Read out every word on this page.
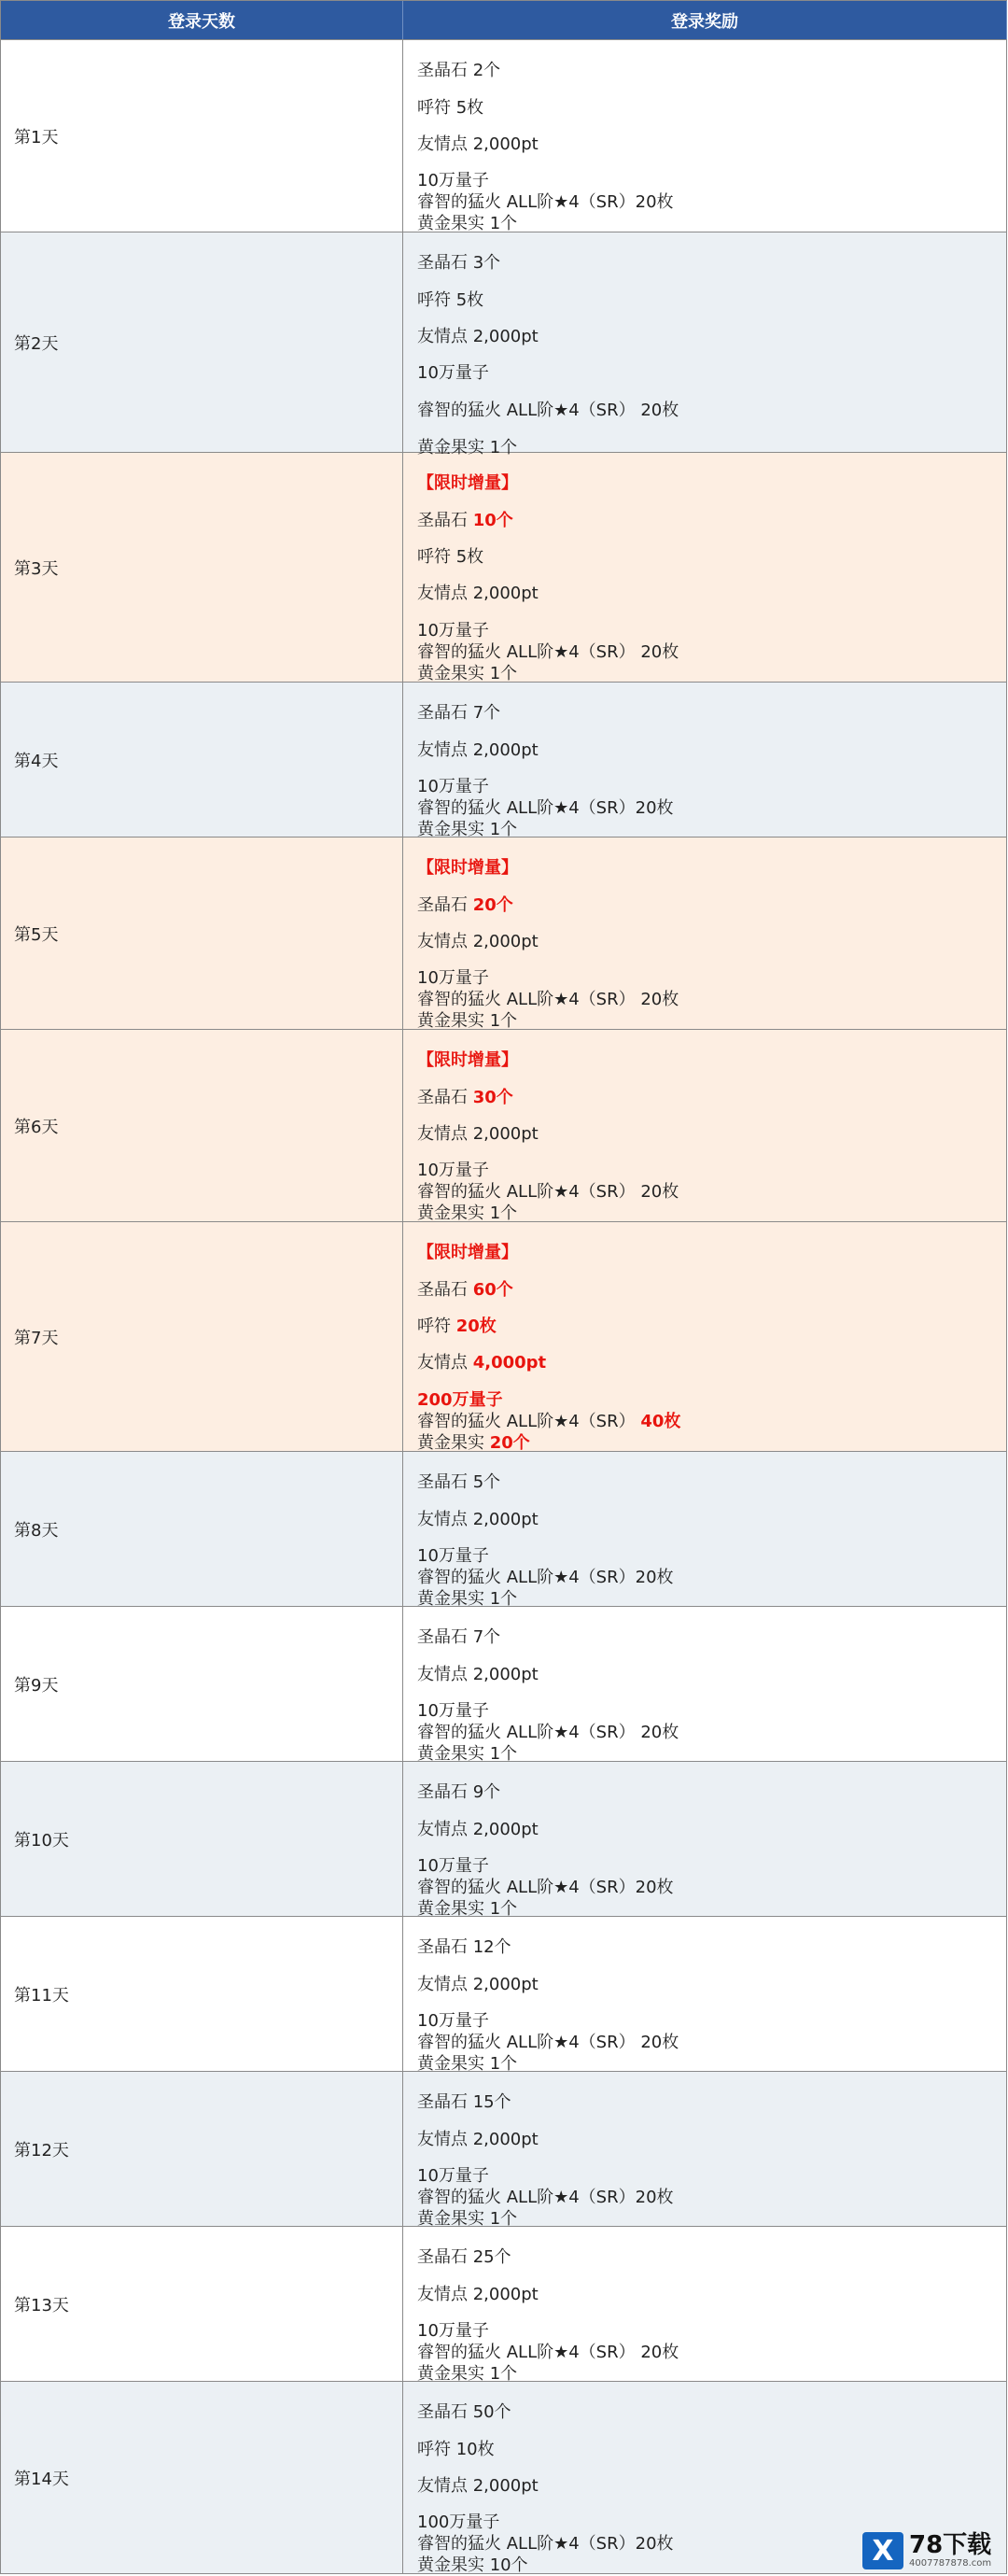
登录天数	登录奖励
第1天
圣晶石 2个
呼符 5枚
友情点 2,000pt
10万量子
睿智的猛火 ALL阶★4（SR）20枚
黄金果实 1个
第2天
圣晶石 3个
呼符 5枚
友情点 2,000pt
10万量子
睿智的猛火 ALL阶★4（SR） 20枚
黄金果实 1个
第3天
【限时增量】
圣晶石 10个
呼符 5枚
友情点 2,000pt
10万量子
睿智的猛火 ALL阶★4（SR） 20枚
黄金果实 1个
第4天
圣晶石 7个
友情点 2,000pt
10万量子
睿智的猛火 ALL阶★4（SR）20枚
黄金果实 1个
第5天
【限时增量】
圣晶石 20个
友情点 2,000pt
10万量子
睿智的猛火 ALL阶★4（SR） 20枚
黄金果实 1个
第6天
【限时增量】
圣晶石 30个
友情点 2,000pt
10万量子
睿智的猛火 ALL阶★4（SR） 20枚
黄金果实 1个
第7天
【限时增量】
圣晶石 60个
呼符 20枚
友情点 4,000pt
200万量子
睿智的猛火 ALL阶★4（SR） 40枚
黄金果实 20个
第8天
圣晶石 5个
友情点 2,000pt
10万量子
睿智的猛火 ALL阶★4（SR）20枚
黄金果实 1个
第9天
圣晶石 7个
友情点 2,000pt
10万量子
睿智的猛火 ALL阶★4（SR） 20枚
黄金果实 1个
第10天
圣晶石 9个
友情点 2,000pt
10万量子
睿智的猛火 ALL阶★4（SR）20枚
黄金果实 1个
第11天
圣晶石 12个
友情点 2,000pt
10万量子
睿智的猛火 ALL阶★4（SR） 20枚
黄金果实 1个
第12天
圣晶石 15个
友情点 2,000pt
10万量子
睿智的猛火 ALL阶★4（SR）20枚
黄金果实 1个
第13天
圣晶石 25个
友情点 2,000pt
10万量子
睿智的猛火 ALL阶★4（SR） 20枚
黄金果实 1个
第14天
圣晶石 50个
呼符 10枚
友情点 2,000pt
100万量子
睿智的猛火 ALL阶★4（SR）20枚
黄金果实 10个	X 78下载
4007787878.com
